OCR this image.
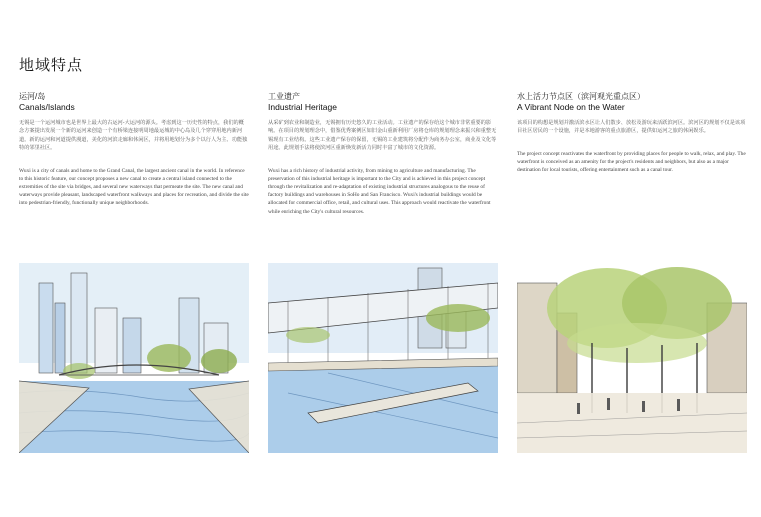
地域特点
运河/岛
Canals/Islands

无锡是一个运河城市也是世界上最大的古运河-大运河的源头。考虑到这一历史性的特点，我们的概念方案提出发展一个新的运河来创造一个有桥梁连接明周地最运城的中心岛及几个穿穿用地内新河道。新的运河和河道提供漫道，美化的河滨走廊和休闲区，并将用地划分为多个以行人为主、功能独特的邻里社区。

Wuxi is a city of canals and home to the Grand Canal, the largest ancient canal in the world. In reference to this historic feature, our concept proposes a new canal to create a central island connected to the extremities of the site via bridges, and several new waterways that permeate the site. The new canal and waterways provide pleasant, landscaped waterfront walkways and places for recreation, and divide the site into pedestrian-friendly, functionally unique neighborhoods.

工业遗产
Industrial Heritage

从采矿到农业和制造业，无锡拥有历史悠久的工业活动。工业遗产的保存给这个城市非常重要的影响。在项目的规划理念中，借鉴优秀案例区如旧金山重新利用厂房将仓库的规划理念来振兴和重整无锡现有工业结构。这些工业遗产保存的保留，无锡的工业建筑将分配作为商务办公室，商业及文化等用途。此规划手法将使滨河区重新焕发新活力同时丰富了城市的文化资源。

Wuxi has a rich history of industrial activity, from mining to agriculture and manufacturing. The preservation of this industrial heritage is important to the City and is achieved in this project concept through the revitalization and re-adaptation of existing industrial structures analogous to the reuse of factory buildings and warehouses in SoHo and San Francisco. Wuxi's industrial buildings would be allocated for commercial office, retail, and cultural uses. This approach would reactivate the waterfront while enriching the City's cultural resources.

水上活力节点区（滨河观光重点区）
A Vibrant Node on the Water

该项目的构想是规划并激活滨水区让人们散步、放松及游玩来活跃滨河区。滨河区的规划不仅是该项目社区居民的一个设施，并是本地游客的重点旅游区，提供如运河之旅的休闲娱乐。

The project concept reactivates the waterfront by providing places for people to walk, relax, and play. The waterfront is conceived as an amenity for the project's residents and neighbors, but also as a major destination for local tourists, offering entertainment such as a canal tour.
